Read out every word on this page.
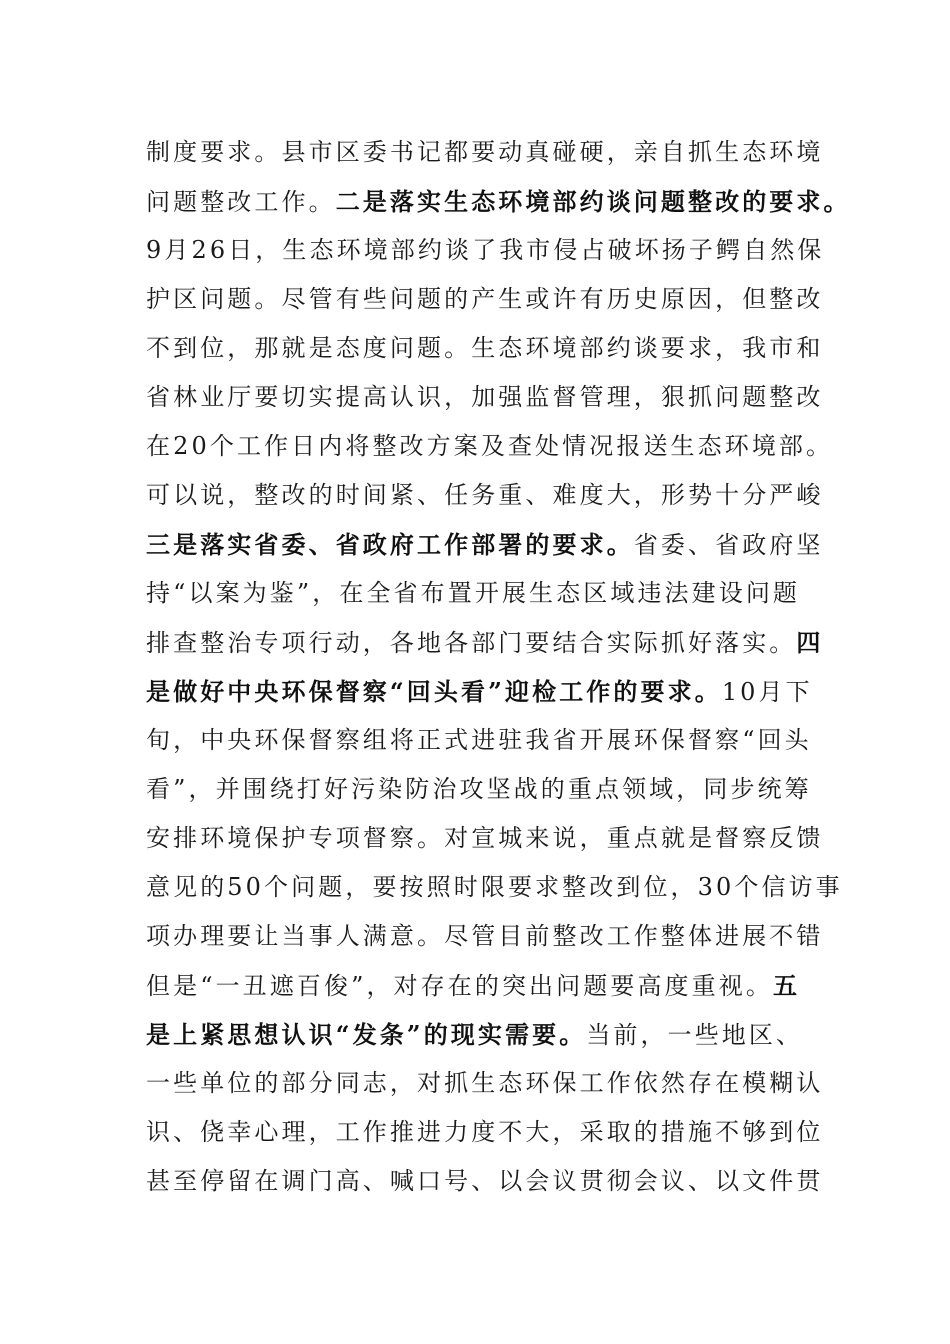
制度要求。县市区委书记都要动真碰硬，亲自抓生态环境
问题整改工作。二是落实生态环境部约谈问题整改的要求。
9月26日，生态环境部约谈了我市侵占破坏扬子鳄自然保
护区问题。尽管有些问题的产生或许有历史原因，但整改
不到位，那就是态度问题。生态环境部约谈要求，我市和
省林业厅要切实提高认识，加强监督管理，狠抓问题整改
在20个工作日内将整改方案及查处情况报送生态环境部。
可以说，整改的时间紧、任务重、难度大，形势十分严峻
三是落实省委、省政府工作部署的要求。省委、省政府坚
持“以案为鉴”，在全省布置开展生态区域违法建设问题
排查整治专项行动，各地各部门要结合实际抓好落实。四
是做好中央环保督察“回头看”迎检工作的要求。10月下
旬，中央环保督察组将正式进驻我省开展环保督察“回头
看”，并围绕打好污染防治攻坚战的重点领域，同步统筹
安排环境保护专项督察。对宣城来说，重点就是督察反馈
意见的50个问题，要按照时限要求整改到位，30个信访事
项办理要让当事人满意。尽管目前整改工作整体进展不错
但是“一丑遮百俊”，对存在的突出问题要高度重视。五
是上紧思想认识“发条”的现实需要。当前，一些地区、
一些单位的部分同志，对抓生态环保工作依然存在模糊认
识、侥幸心理，工作推进力度不大，采取的措施不够到位
甚至停留在调门高、喊口号、以会议贯彻会议、以文件贯
